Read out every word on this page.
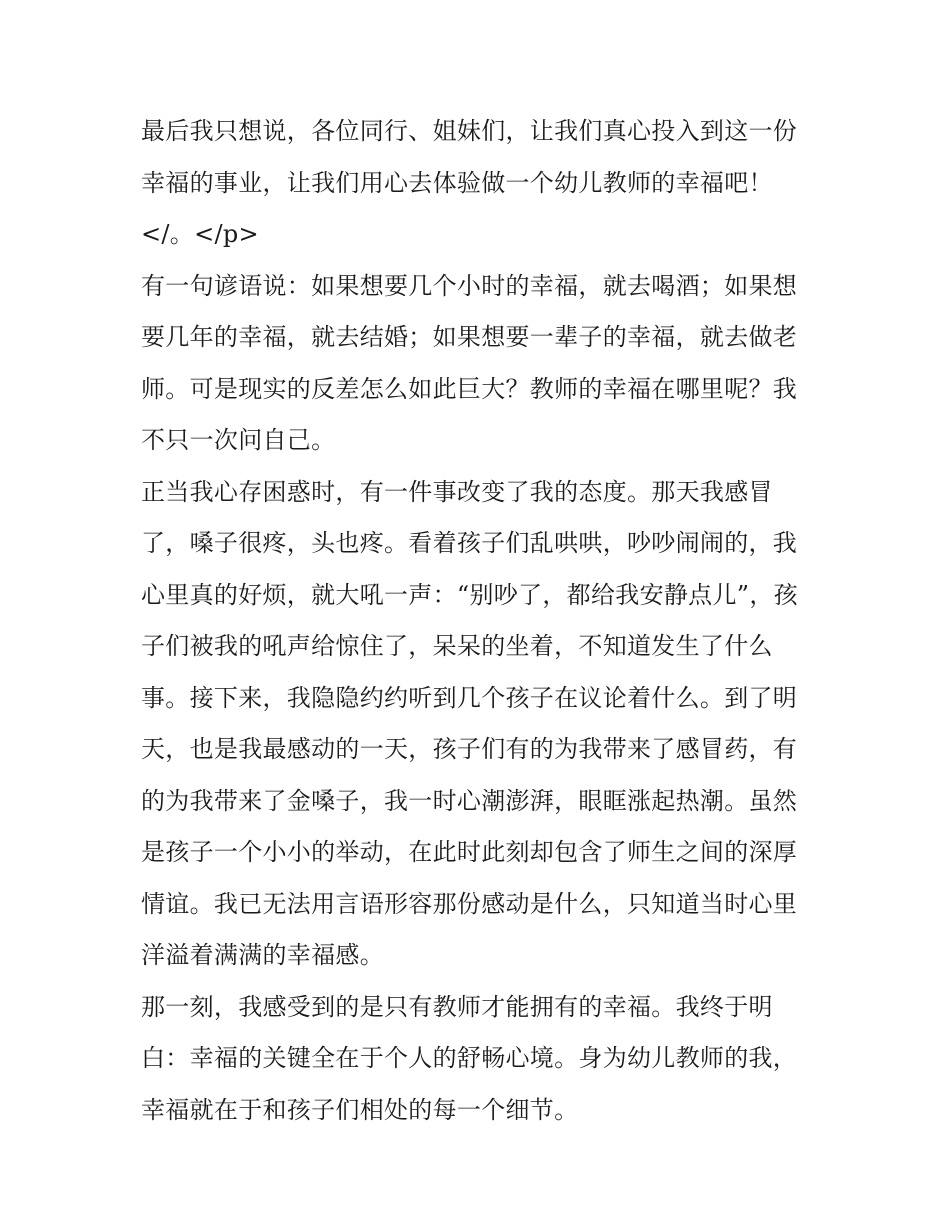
最后我只想说，各位同行、姐妹们，让我们真心投入到这一份
幸福的事业，让我们用心去体验做一个幼儿教师的幸福吧！
</。</p>
有一句谚语说：如果想要几个小时的幸福，就去喝酒；如果想
要几年的幸福，就去结婚；如果想要一辈子的幸福，就去做老
师。可是现实的反差怎么如此巨大？教师的幸福在哪里呢？我
不只一次问自己。
正当我心存困惑时，有一件事改变了我的态度。那天我感冒
了，嗓子很疼，头也疼。看着孩子们乱哄哄，吵吵闹闹的，我
心里真的好烦，就大吼一声：“别吵了，都给我安静点儿”，孩
子们被我的吼声给惊住了，呆呆的坐着，不知道发生了什么
事。接下来，我隐隐约约听到几个孩子在议论着什么。到了明
天，也是我最感动的一天，孩子们有的为我带来了感冒药，有
的为我带来了金嗓子，我一时心潮澎湃，眼眶涨起热潮。虽然
是孩子一个小小的举动，在此时此刻却包含了师生之间的深厚
情谊。我已无法用言语形容那份感动是什么，只知道当时心里
洋溢着满满的幸福感。
那一刻，我感受到的是只有教师才能拥有的幸福。我终于明
白：幸福的关键全在于个人的舒畅心境。身为幼儿教师的我，
幸福就在于和孩子们相处的每一个细节。
